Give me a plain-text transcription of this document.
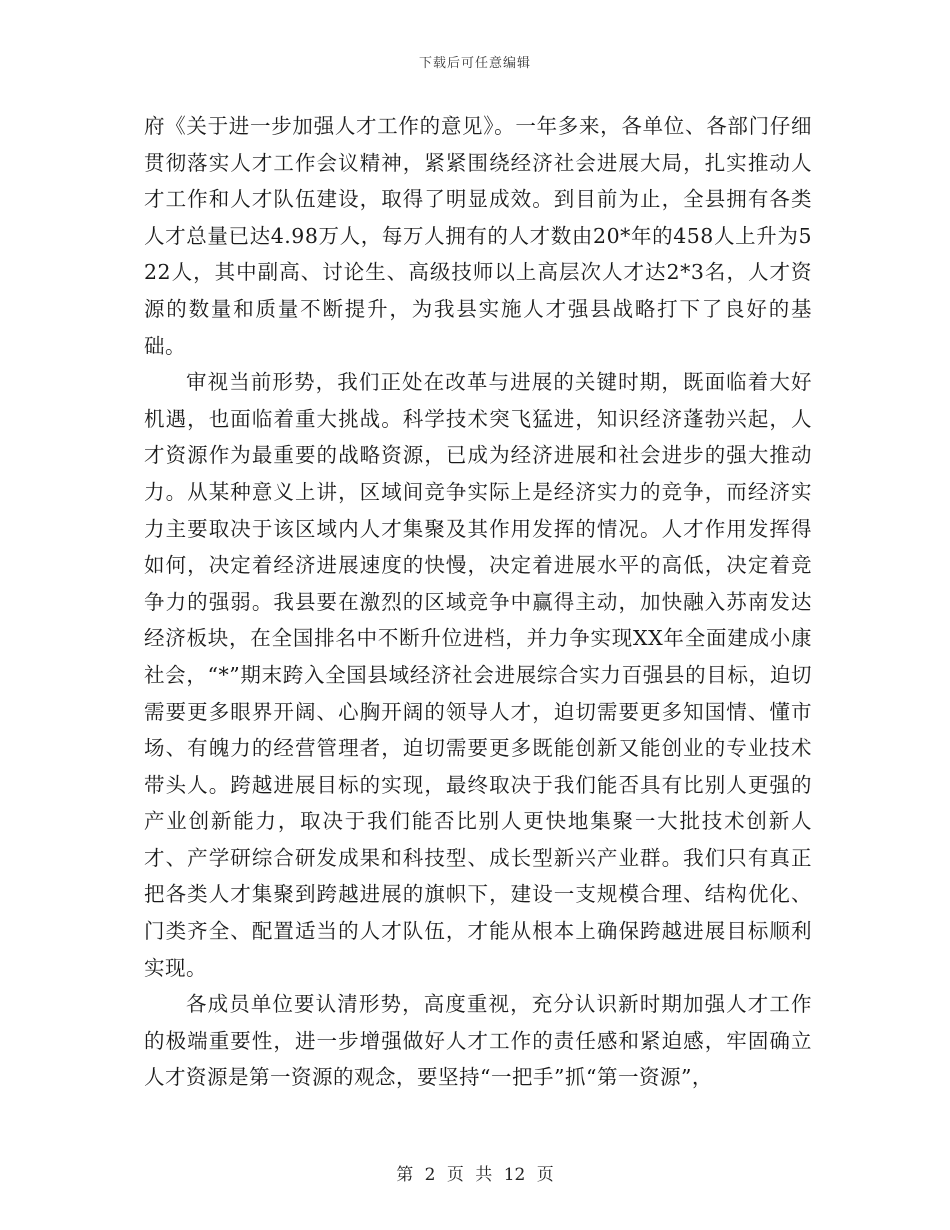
下载后可任意编辑

府《关于进一步加强人才工作的意见》。一年多来，各单位、各部门仔细贯彻落实人才工作会议精神，紧紧围绕经济社会进展大局，扎实推动人才工作和人才队伍建设，取得了明显成效。到目前为止，全县拥有各类人才总量已达4.98万人，每万人拥有的人才数由20*年的458人上升为522人，其中副高、讨论生、高级技师以上高层次人才达2*3名，人才资源的数量和质量不断提升，为我县实施人才强县战略打下了良好的基础。

审视当前形势，我们正处在改革与进展的关键时期，既面临着大好机遇，也面临着重大挑战。科学技术突飞猛进，知识经济蓬勃兴起，人才资源作为最重要的战略资源，已成为经济进展和社会进步的强大推动力。从某种意义上讲，区域间竞争实际上是经济实力的竞争，而经济实力主要取决于该区域内人才集聚及其作用发挥的情况。人才作用发挥得如何，决定着经济进展速度的快慢，决定着进展水平的高低，决定着竞争力的强弱。我县要在激烈的区域竞争中赢得主动，加快融入苏南发达经济板块，在全国排名中不断升位进档，并力争实现XX年全面建成小康社会，“*”期末跨入全国县域经济社会进展综合实力百强县的目标，迫切需要更多眼界开阔、心胸开阔的领导人才，迫切需要更多知国情、懂市场、有魄力的经营管理者，迫切需要更多既能创新又能创业的专业技术带头人。跨越进展目标的实现，最终取决于我们能否具有比别人更强的产业创新能力，取决于我们能否比别人更快地集聚一大批技术创新人才、产学研综合研发成果和科技型、成长型新兴产业群。我们只有真正把各类人才集聚到跨越进展的旗帜下，建设一支规模合理、结构优化、门类齐全、配置适当的人才队伍，才能从根本上确保跨越进展目标顺利实现。

各成员单位要认清形势，高度重视，充分认识新时期加强人才工作的极端重要性，进一步增强做好人才工作的责任感和紧迫感，牢固确立人才资源是第一资源的观念，要坚持“一把手”抓“第一资源”，

第 2 页 共 12 页
